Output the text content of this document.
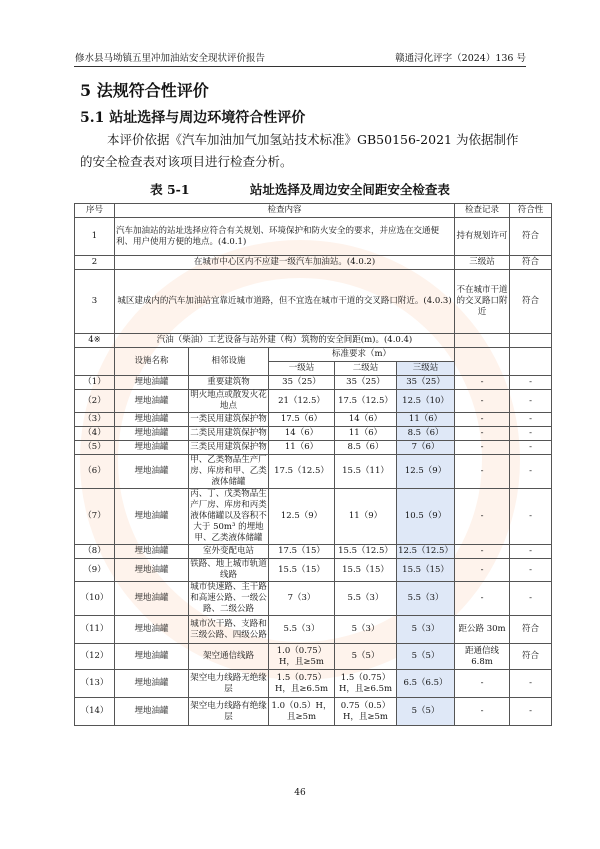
修水县马坳镇五里冲加油站安全现状评价报告	赣通浔化评字（2024）136 号
5 法规符合性评价
5.1 站址选择与周边环境符合性评价
本评价依据《汽车加油加气加氢站技术标准》GB50156-2021 为依据制作的安全检查表对该项目进行检查分析。
表 5-1	站址选择及周边安全间距安全检查表
序号	检查内容					检查记录	符合性
1	汽车加油站的站址选择应符合有关规划、环境保护和防火安全的要求，并应选在交通便利、用户使用方便的地点。(4.0.1)					持有规划许可	符合
2	在城市中心区内不应建一级汽车加油站。(4.0.2)					三级站	符合
3	城区建成内的汽车加油站宜靠近城市道路，但不宜选在城市干道的交叉路口附近。(4.0.3)					不在城市干道的交叉路口附近	符合
4※	汽油（柴油）工艺设备与站外建（构）筑物的安全间距(m)。(4.0.4)						
	设施名称	相邻设施	标准要求（m）				
			一级站	二级站	三级站		
（1）	埋地油罐	重要建筑物	35（25）	35（25）	35（25）	-	-
（2）	埋地油罐	明火地点或散发火花地点	21（12.5）	17.5（12.5）	12.5（10）	-	-
（3）	埋地油罐	一类民用建筑保护物	17.5（6）	14（6）	11（6）	-	-
（4）	埋地油罐	二类民用建筑保护物	14（6）	11（6）	8.5（6）	-	-
（5）	埋地油罐	三类民用建筑保护物	11（6）	8.5（6）	7（6）	-	-
（6）	埋地油罐	甲、乙类物品生产厂房、库房和甲、乙类液体储罐	17.5（12.5）	15.5（11）	12.5（9）	-	-
（7）	埋地油罐	丙、丁、戊类物品生产厂房、库房和丙类液体储罐以及容积不大于 50m³ 的埋地甲、乙类液体储罐	12.5（9）	11（9）	10.5（9）	-	-
（8）	埋地油罐	室外变配电站	17.5（15）	15.5（12.5）	12.5（12.5）	-	-
（9）	埋地油罐	铁路、地上城市轨道线路	15.5（15）	15.5（15）	15.5（15）	-	-
（10）	埋地油罐	城市快速路、主干路和高速公路、一级公路、二级公路	7（3）	5.5（3）	5.5（3）	-	-
（11）	埋地油罐	城市次干路、支路和三级公路、四级公路	5.5（3）	5（3）	5（3）	距公路 30m	符合
（12）	埋地油罐	架空通信线路	1.0（0.75）H，且≥5m	5（5）	5（5）	距通信线 6.8m	符合
（13）	埋地油罐	架空电力线路无绝缘层	1.5（0.75）H，且≥6.5m	1.5（0.75）H，且≥6.5m	6.5（6.5）	-	-
（14）	埋地油罐	架空电力线路有绝缘层	1.0（0.5）H，且≥5m	0.75（0.5）H，且≥5m	5（5）	-	-
46
